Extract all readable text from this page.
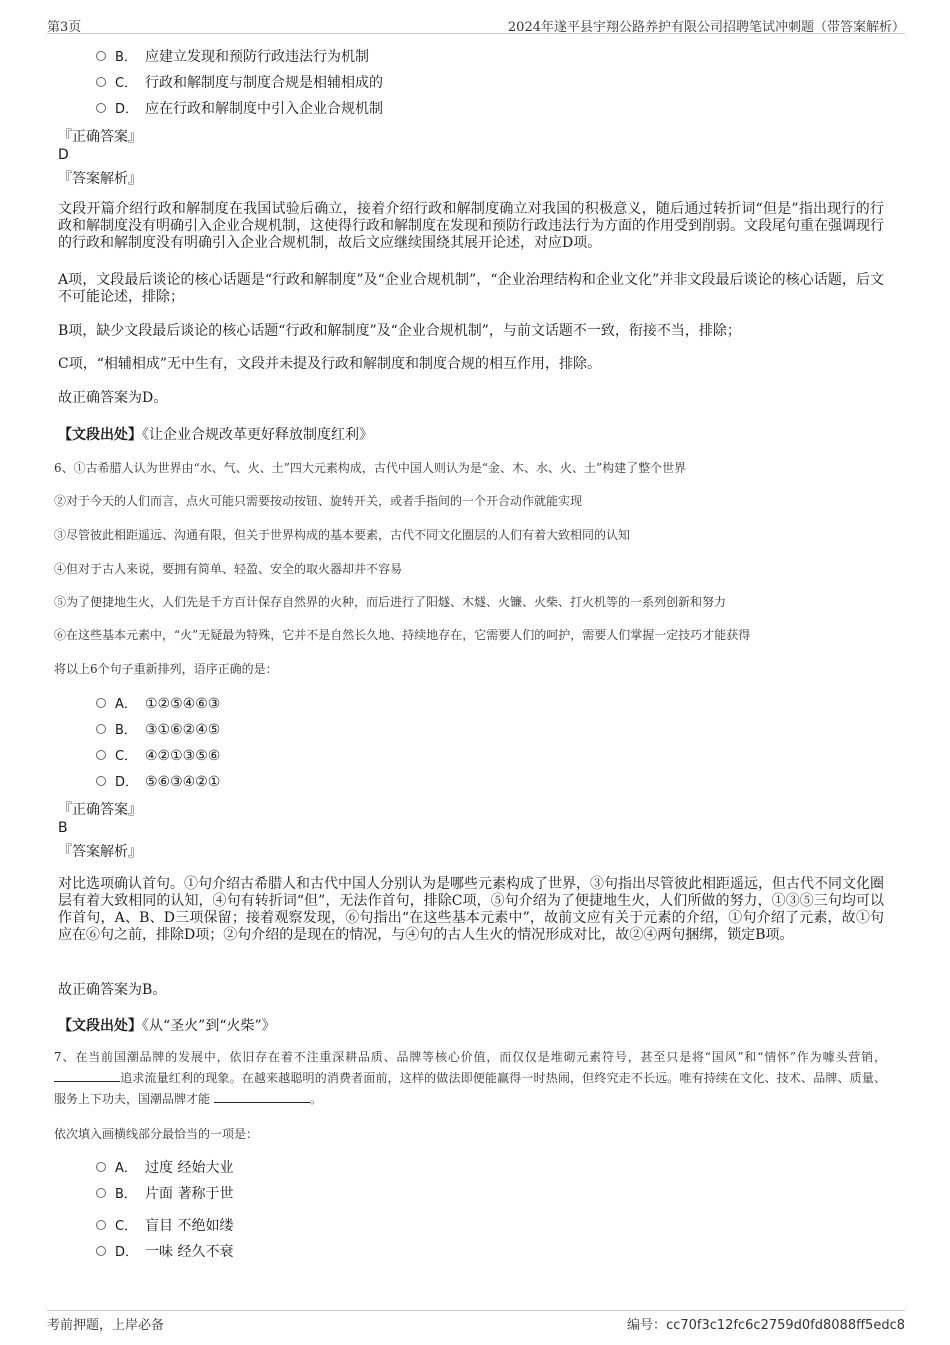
第3页	2024年遂平县宇翔公路养护有限公司招聘笔试冲刺题（带答案解析）
B． 应建立发现和预防行政违法行为机制
C． 行政和解制度与制度合规是相辅相成的
D． 应在行政和解制度中引入企业合规机制
『正确答案』
D
『答案解析』
文段开篇介绍行政和解制度在我国试验后确立，接着介绍行政和解制度确立对我国的积极意义，随后通过转折词“但是”指出现行的行政和解制度没有明确引入企业合规机制，这使得行政和解制度在发现和预防行政违法行为方面的作用受到削弱。文段尾句重在强调现行的行政和解制度没有明确引入企业合规机制，故后文应继续围绕其展开论述，对应D项。
A项，文段最后谈论的核心话题是“行政和解制度”及“企业合规机制”，“企业治理结构和企业文化”并非文段最后谈论的核心话题，后文不可能论述，排除；
B项，缺少文段最后谈论的核心话题“行政和解制度”及“企业合规机制”，与前文话题不一致，衔接不当，排除；
C项，“相辅相成”无中生有，文段并未提及行政和解制度和制度合规的相互作用，排除。
故正确答案为D。
【文段出处】《让企业合规改革更好释放制度红利》
6、①古希腊人认为世界由“水、气、火、土”四大元素构成，古代中国人则认为是“金、木、水、火、土”构建了整个世界
②对于今天的人们而言，点火可能只需要按动按钮、旋转开关，或者手指间的一个开合动作就能实现
③尽管彼此相距遥远、沟通有限，但关于世界构成的基本要素，古代不同文化圈层的人们有着大致相同的认知
④但对于古人来说，要拥有简单、轻盈、安全的取火器却并不容易
⑤为了便捷地生火，人们先是千方百计保存自然界的火种，而后进行了阳燧、木燧、火镰、火柴、打火机等的一系列创新和努力
⑥在这些基本元素中，“火”无疑最为特殊，它并不是自然长久地、持续地存在，它需要人们的呵护，需要人们掌握一定技巧才能获得
将以上6个句子重新排列，语序正确的是：
A． ①②⑤④⑥③
B． ③①⑥②④⑤
C． ④②①③⑤⑥
D． ⑤⑥③④②①
『正确答案』
B
『答案解析』
对比选项确认首句。①句介绍古希腊人和古代中国人分别认为是哪些元素构成了世界，③句指出尽管彼此相距遥远，但古代不同文化圈层有着大致相同的认知，④句有转折词“但”，无法作首句，排除C项，⑤句介绍为了便捷地生火，人们所做的努力，①③⑤三句均可以作首句，A、B、D三项保留；接着观察发现，⑥句指出“在这些基本元素中”，故前文应有关于元素的介绍，①句介绍了元素，故①句应在⑥句之前，排除D项；②句介绍的是现在的情况，与④句的古人生火的情况形成对比，故②④两句捆绑，锁定B项。
故正确答案为B。
【文段出处】《从“圣火”到“火柴”》
7、在当前国潮品牌的发展中，依旧存在着不注重深耕品质、品牌等核心价值，而仅仅是堆砌元素符号，甚至只是将“国风”和“情怀”作为噱头营销， 追求流量红利的现象。在越来越聪明的消费者面前，这样的做法即便能赢得一时热闹，但终究走不长远。唯有持续在文化、技术、品牌、质量、服务上下功夫，国潮品牌才能	。
依次填入画横线部分最恰当的一项是：
A． 过度 经始大业
B． 片面 著称于世
C． 盲目 不绝如缕
D． 一味 经久不衰
考前押题，上岸必备	编号：cc70f3c12fc6c2759d0fd8088ff5edc8
